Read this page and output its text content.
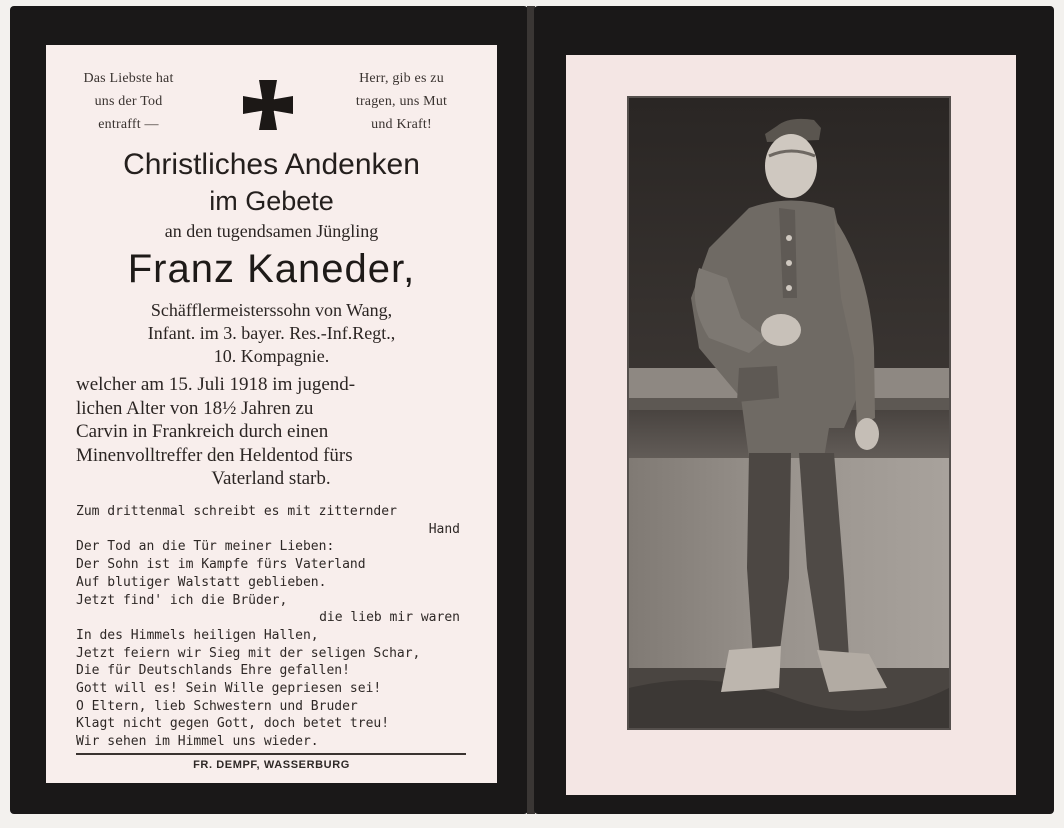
Das Liebste hat
uns der Tod
entrafft —
Herr, gib es zu
tragen, uns Mut
und Kraft!
Christliches Andenken
im Gebete
an den tugendsamen Jüngling
Franz Kaneder,
Schäfflermeisterssohn von Wang,
Infant. im 3. bayer. Res.-Inf.Regt.,
10. Kompagnie.
welcher am 15. Juli 1918 im jugend-
lichen Alter von 18½ Jahren zu
Carvin in Frankreich durch einen
Minenvolltreffer den Heldentod fürs
Vaterland starb.
Zum drittenmal schreibt es mit zitternder
Hand
Der Tod an die Tür meiner Lieben:
Der Sohn ist im Kampfe fürs Vaterland
Auf blutiger Walstatt geblieben.
Jetzt find' ich die Brüder,
die lieb mir waren
In des Himmels heiligen Hallen,
Jetzt feiern wir Sieg mit der seligen Schar,
Die für Deutschlands Ehre gefallen!
Gott will es! Sein Wille gepriesen sei!
O Eltern, lieb Schwestern und Bruder
Klagt nicht gegen Gott, doch betet treu!
Wir sehen im Himmel uns wieder.
FR. DEMPF, WASSERBURG
